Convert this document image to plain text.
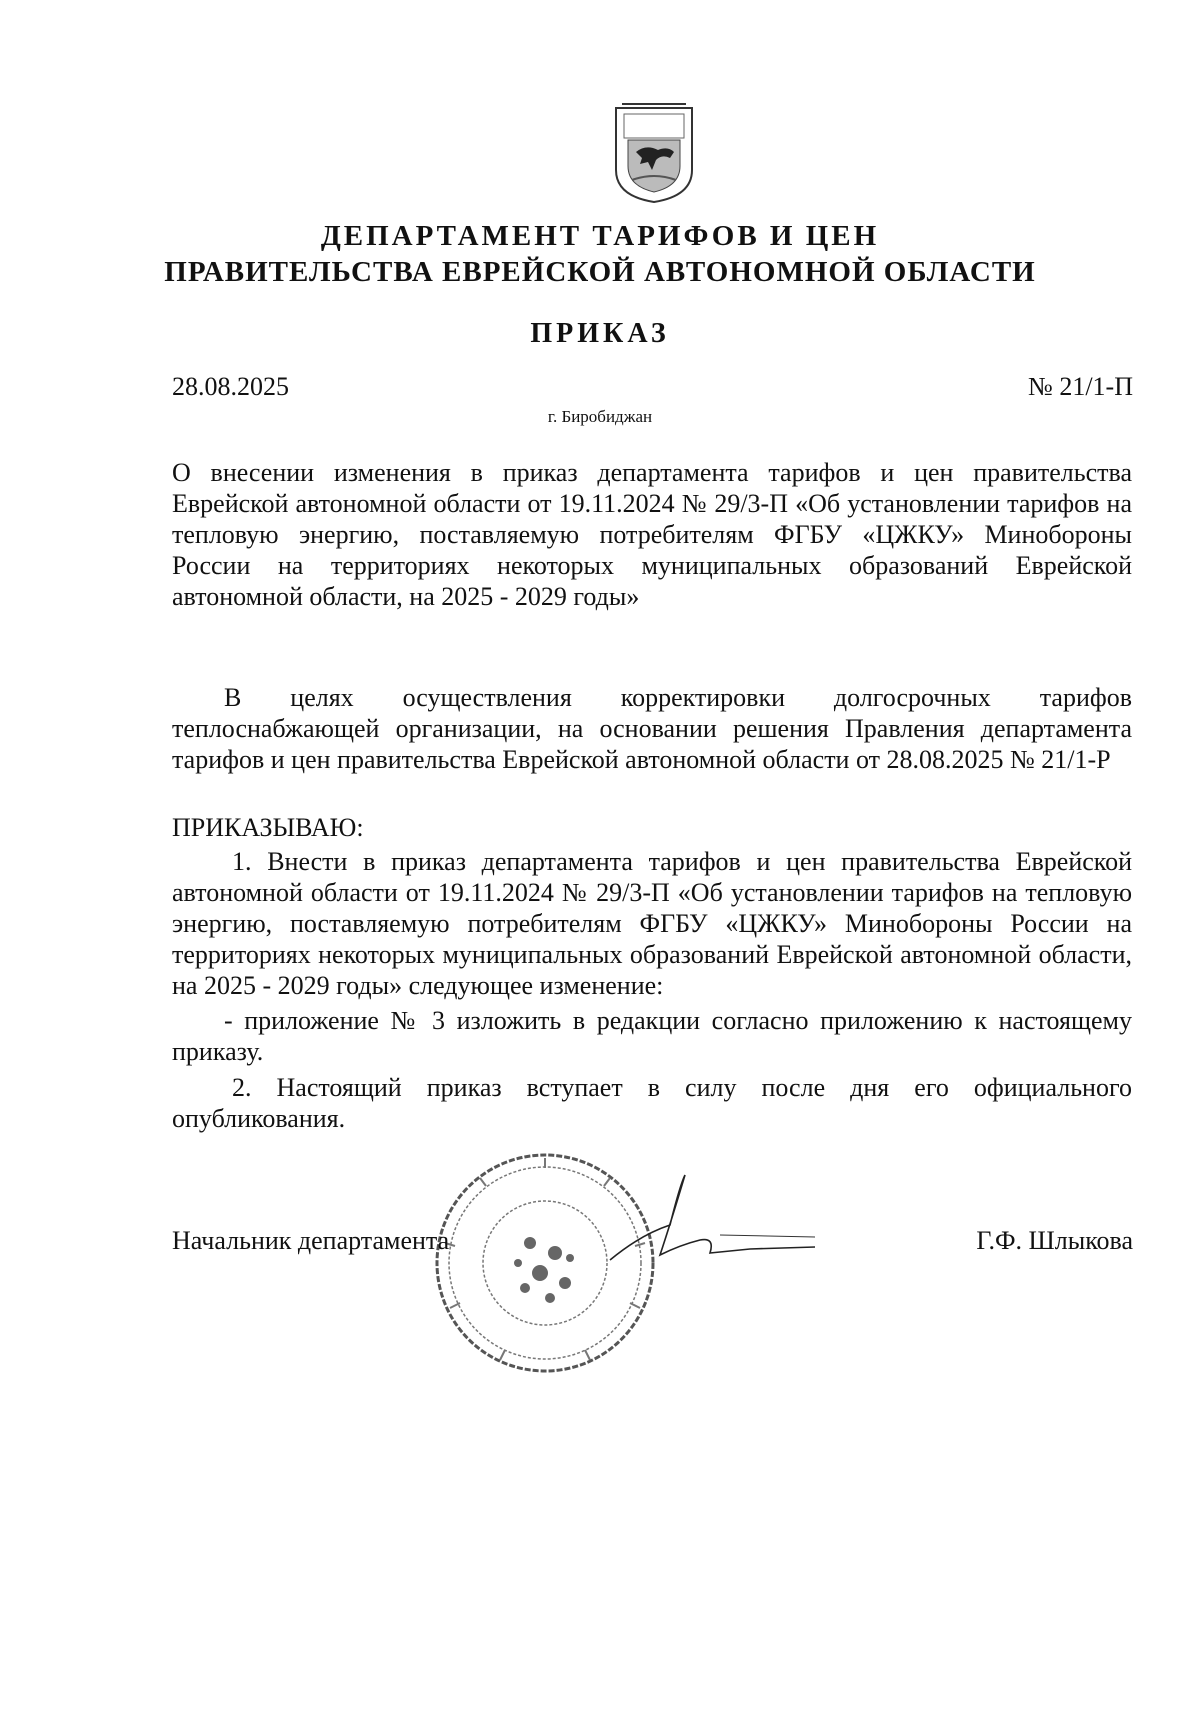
ДЕПАРТАМЕНТ ТАРИФОВ И ЦЕН
ПРАВИТЕЛЬСТВА ЕВРЕЙСКОЙ АВТОНОМНОЙ ОБЛАСТИ
ПРИКАЗ
28.08.2025	№ 21/1-П
г. Биробиджан
О внесении изменения в приказ департамента тарифов и цен правительства Еврейской автономной области от 19.11.2024 № 29/3-П «Об установлении тарифов на тепловую энергию, поставляемую потребителям ФГБУ «ЦЖКУ» Минобороны России на территориях некоторых муниципальных образований Еврейской автономной области, на 2025 - 2029 годы»
В целях осуществления корректировки долгосрочных тарифов теплоснабжающей организации, на основании решения Правления департамента тарифов и цен правительства Еврейской автономной области от 28.08.2025 № 21/1-Р
ПРИКАЗЫВАЮ:
1. Внести в приказ департамента тарифов и цен правительства Еврейской автономной области от 19.11.2024 № 29/3-П «Об установлении тарифов на тепловую энергию, поставляемую потребителям ФГБУ «ЦЖКУ» Минобороны России на территориях некоторых муниципальных образований Еврейской автономной области, на 2025 - 2029 годы» следующее изменение:
- приложение № 3 изложить в редакции согласно приложению к настоящему приказу.
2. Настоящий приказ вступает в силу после дня его официального опубликования.
Начальник департамента	Г.Ф. Шлыкова
